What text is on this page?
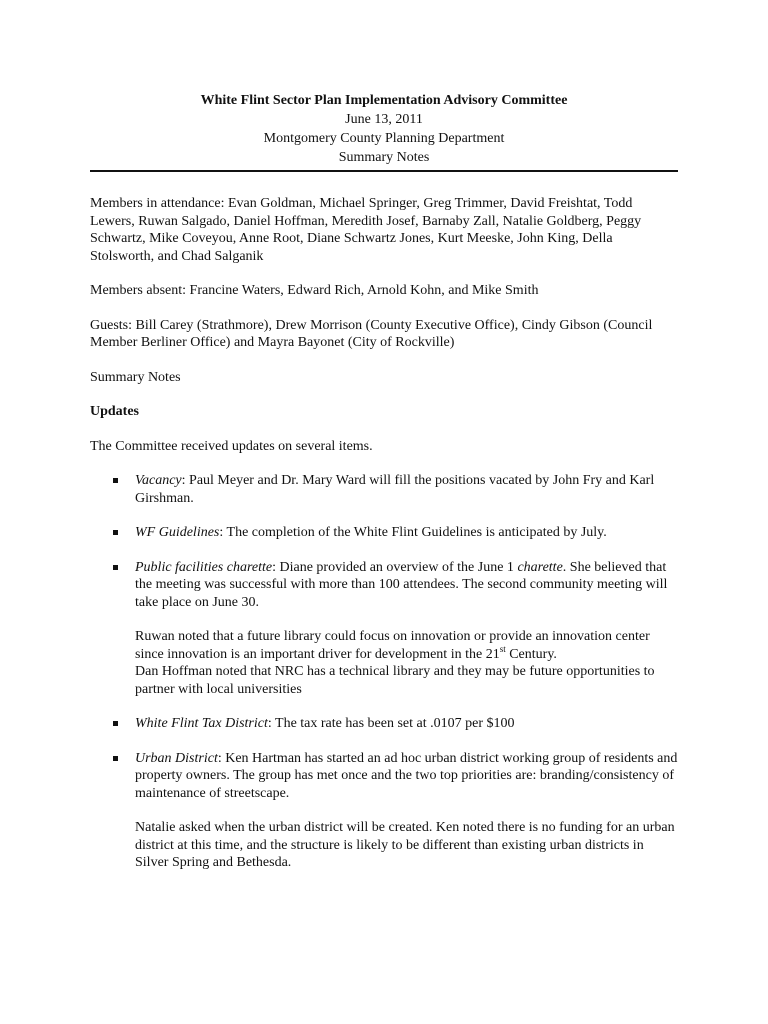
White Flint Sector Plan Implementation Advisory Committee
June 13, 2011
Montgomery County Planning Department
Summary Notes

Members in attendance: Evan Goldman, Michael Springer, Greg Trimmer, David Freishtat, Todd Lewers, Ruwan Salgado, Daniel Hoffman, Meredith Josef, Barnaby Zall, Natalie Goldberg, Peggy Schwartz, Mike Coveyou, Anne Root, Diane Schwartz Jones, Kurt Meeske, John King, Della Stolsworth, and Chad Salganik

Members absent: Francine Waters, Edward Rich, Arnold Kohn, and Mike Smith

Guests: Bill Carey (Strathmore), Drew Morrison (County Executive Office), Cindy Gibson (Council Member Berliner Office) and Mayra Bayonet (City of Rockville)

Summary Notes

Updates

The Committee received updates on several items.

Vacancy: Paul Meyer and Dr. Mary Ward will fill the positions vacated by John Fry and Karl Girshman.
WF Guidelines: The completion of the White Flint Guidelines is anticipated by July.
Public facilities charette: Diane provided an overview of the June 1 charette. She believed that the meeting was successful with more than 100 attendees. The second community meeting will take place on June 30.
Ruwan noted that a future library could focus on innovation or provide an innovation center since innovation is an important driver for development in the 21st Century.
Dan Hoffman noted that NRC has a technical library and they may be future opportunities to partner with local universities
White Flint Tax District: The tax rate has been set at .0107 per $100
Urban District: Ken Hartman has started an ad hoc urban district working group of residents and property owners. The group has met once and the two top priorities are: branding/consistency of maintenance of streetscape.
Natalie asked when the urban district will be created. Ken noted there is no funding for an urban district at this time, and the structure is likely to be different than existing urban districts in Silver Spring and Bethesda.
